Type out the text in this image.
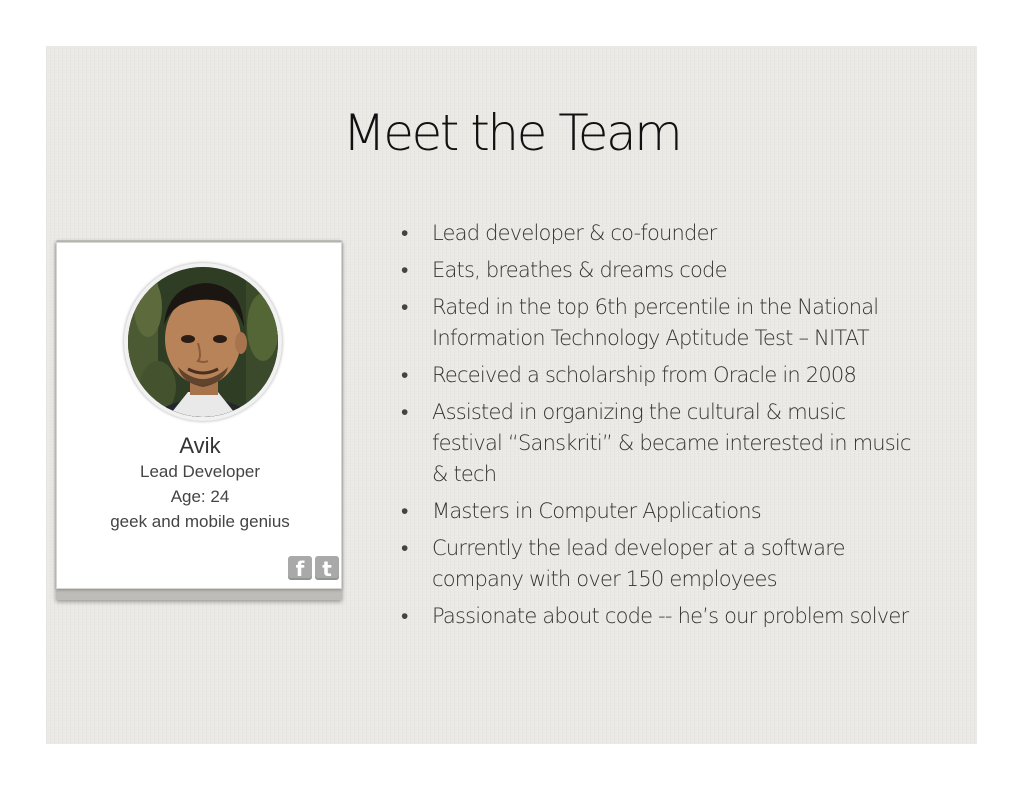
Meet the Team
Avik
Lead Developer
Age: 24
geek and mobile genius
f t
• Lead developer & co-founder
• Eats, breathes & dreams code
• Rated in the top 6th percentile in the National Information Technology Aptitude Test – NITAT
• Received a scholarship from Oracle in 2008
• Assisted in organizing the cultural & music festival “Sanskriti” & became interested in music & tech
• Masters in Computer Applications
• Currently the lead developer at a software company with over 150 employees
• Passionate about code -- he’s our problem solver
